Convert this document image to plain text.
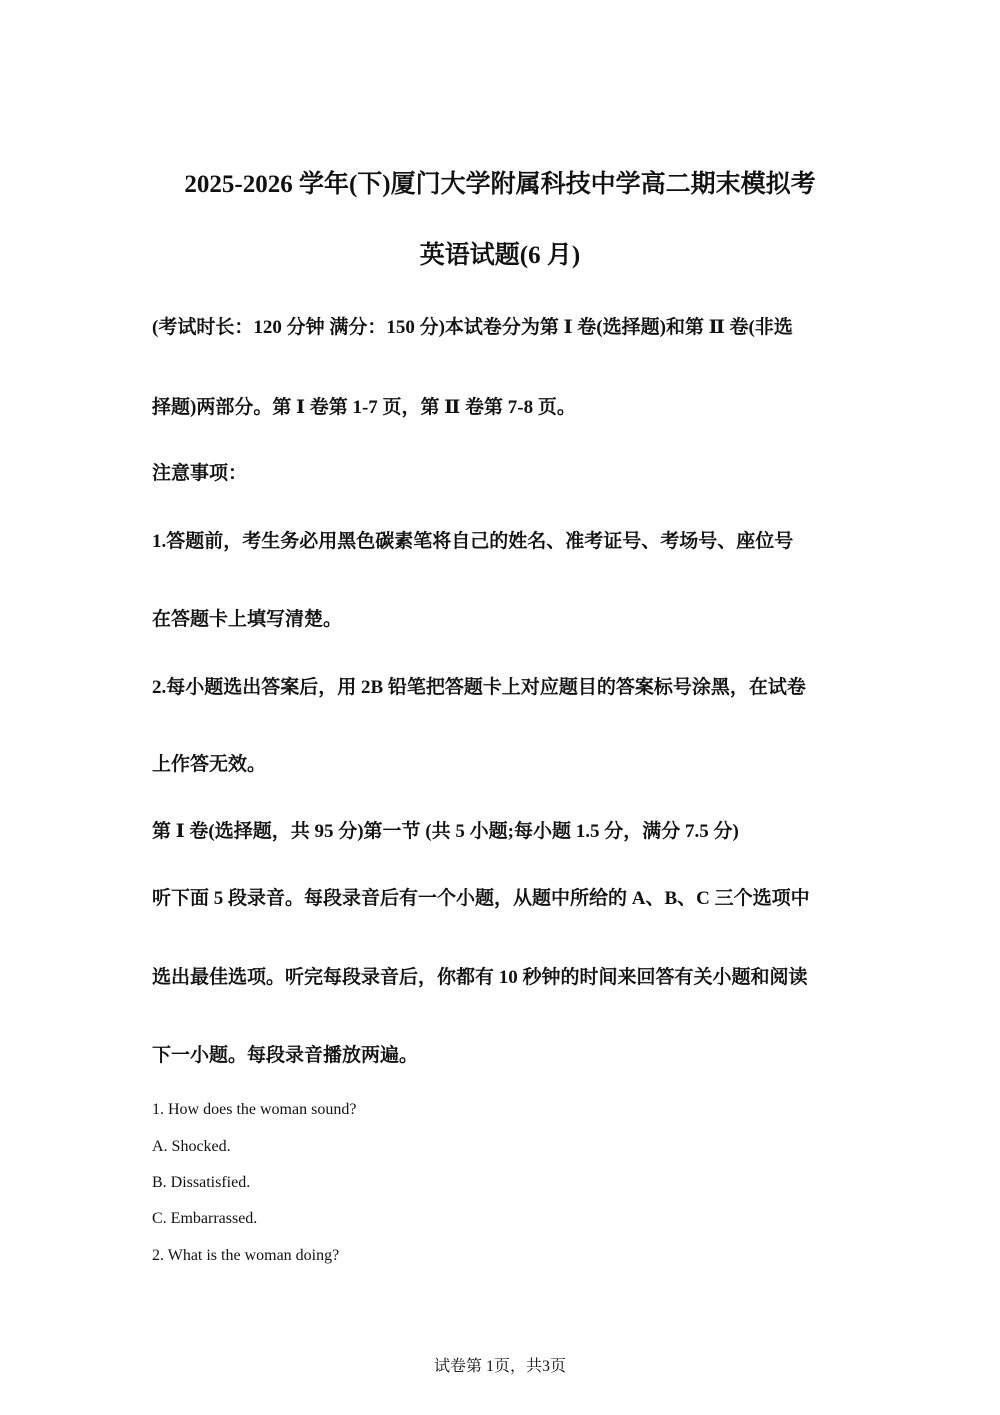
2025-2026 学年(下)厦门大学附属科技中学高二期末模拟考
英语试题(6 月)
(考试时长：120 分钟 满分：150 分)本试卷分为第 Ⅰ 卷(选择题)和第 Ⅱ 卷(非选
择题)两部分。第 Ⅰ 卷第 1-7 页，第 Ⅱ 卷第 7-8 页。
注意事项：
1.答题前，考生务必用黑色碳素笔将自己的姓名、准考证号、考场号、座位号
在答题卡上填写清楚。
2.每小题选出答案后，用 2B 铅笔把答题卡上对应题目的答案标号涂黑，在试卷
上作答无效。
第 Ⅰ 卷(选择题，共 95 分)第一节 (共 5 小题;每小题 1.5 分，满分 7.5 分)
听下面 5 段录音。每段录音后有一个小题，从题中所给的 A、B、C 三个选项中
选出最佳选项。听完每段录音后，你都有 10 秒钟的时间来回答有关小题和阅读
下一小题。每段录音播放两遍。
1. How does the woman sound?
A. Shocked.
B. Dissatisfied.
C. Embarrassed.
2. What is the woman doing?
试卷第 1页，共3页
